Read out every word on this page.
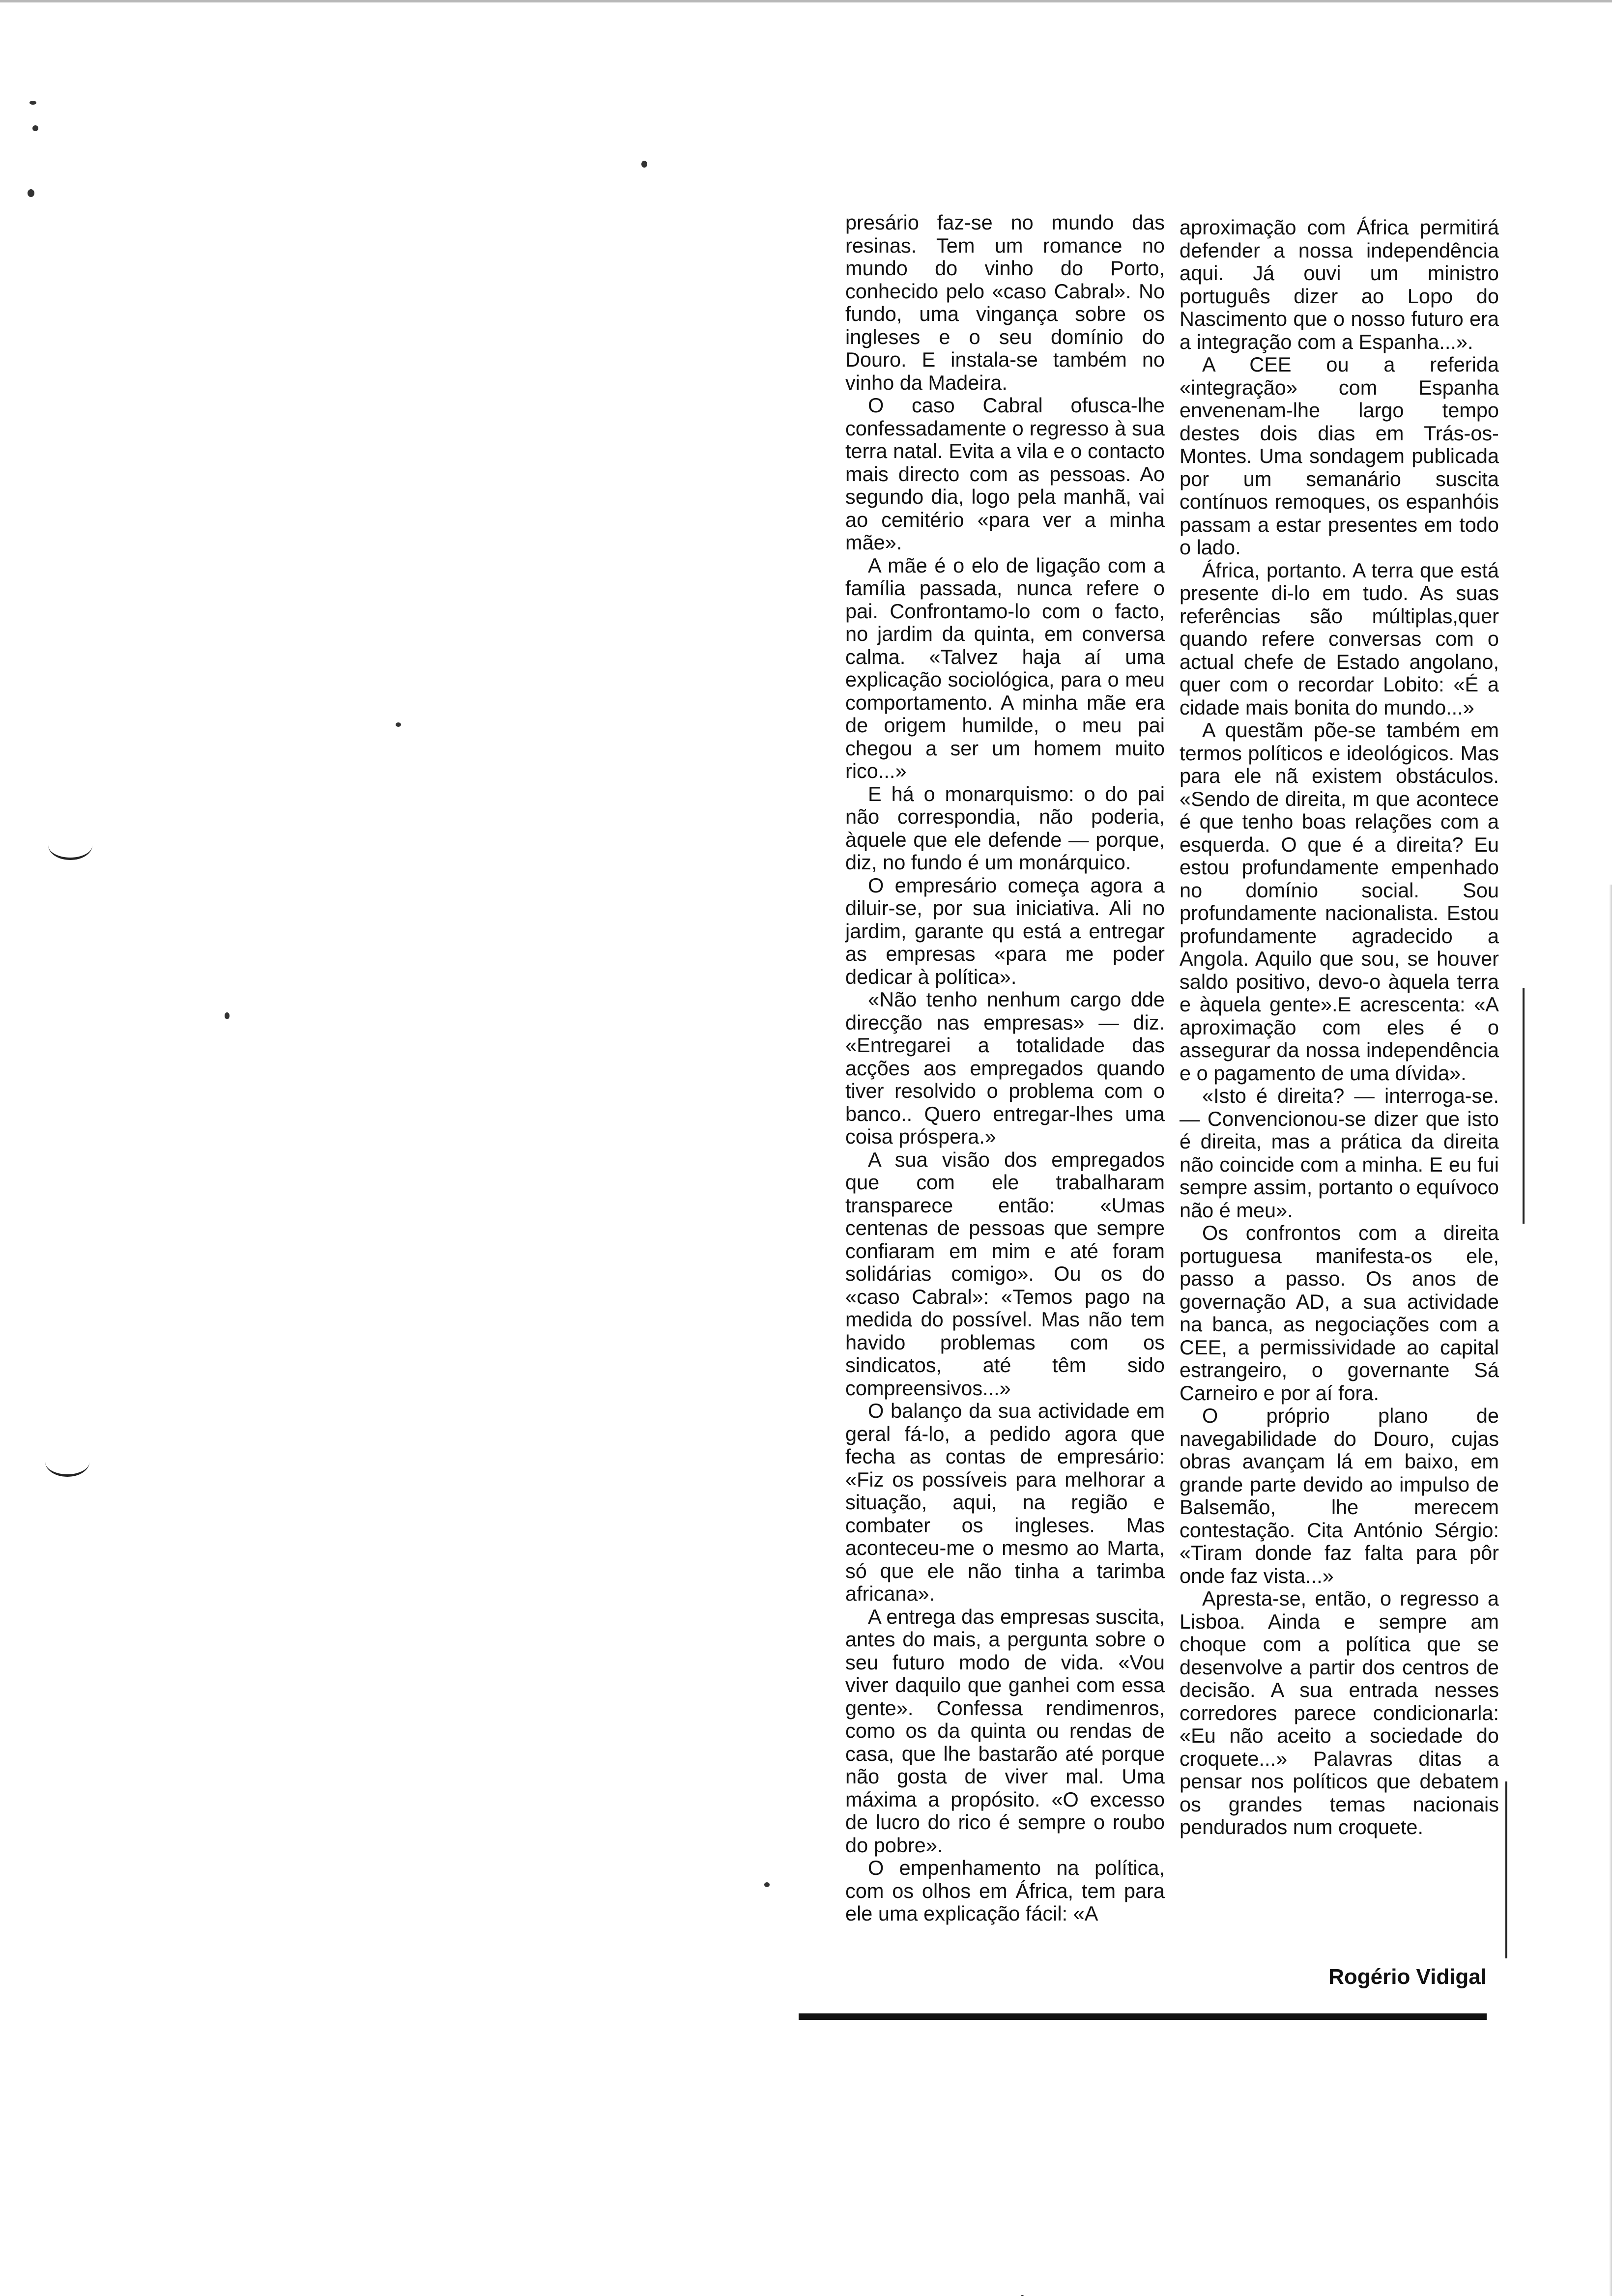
presário faz-se no mundo das resinas. Tem um romance no mundo do vinho do Porto, conhecido pelo «caso Cabral». No fundo, uma vingança sobre os ingleses e o seu domínio do Douro. E instala-se também no vinho da Madeira.

O caso Cabral ofusca-lhe confessadamente o regresso à sua terra natal. Evita a vila e o contacto mais directo com as pessoas. Ao segundo dia, logo pela manhã, vai ao cemitério «para ver a minha mãe».

A mãe é o elo de ligação com a família passada, nunca refere o pai. Confrontamo-lo com o facto, no jardim da quinta, em conversa calma. «Talvez haja aí uma explicação sociológica, para o meu comportamento. A minha mãe era de origem humilde, o meu pai chegou a ser um homem muito rico...»

E há o monarquismo: o do pai não correspondia, não poderia, àquele que ele defende — porque, diz, no fundo é um monárquico.

O empresário começa agora a diluir-se, por sua iniciativa. Ali no jardim, garante qu está a entregar as empresas «para me poder dedicar à política».

«Não tenho nenhum cargo dde direcção nas empresas» — diz. «Entregarei a totalidade das acções aos empregados quando tiver resolvido o problema com o banco.. Quero entregar-lhes uma coisa próspera.»

A sua visão dos empregados que com ele trabalharam transparece então: «Umas centenas de pessoas que sempre confiaram em mim e até foram solidárias comigo». Ou os do «caso Cabral»: «Temos pago na medida do possível. Mas não tem havido problemas com os sindicatos, até têm sido compreensivos...»

O balanço da sua actividade em geral fá-lo, a pedido agora que fecha as contas de empresário: «Fiz os possíveis para melhorar a situação, aqui, na região e combater os ingleses. Mas aconteceu-me o mesmo ao Marta, só que ele não tinha a tarimba africana».

A entrega das empresas suscita, antes do mais, a pergunta sobre o seu futuro modo de vida. «Vou viver daquilo que ganhei com essa gente». Confessa rendimenros, como os da quinta ou rendas de casa, que lhe bastarão até porque não gosta de viver mal. Uma máxima a propósito. «O excesso de lucro do rico é sempre o roubo do pobre».

O empenhamento na política, com os olhos em África, tem para ele uma explicação fácil: «A

aproximação com África permitirá defender a nossa independência aqui. Já ouvi um ministro português dizer ao Lopo do Nascimento que o nosso futuro era a integração com a Espanha...».

A CEE ou a referida «integração» com Espanha envenenam-lhe largo tempo destes dois dias em Trás-os-Montes. Uma sondagem publicada por um semanário suscita contínuos remoques, os espanhóis passam a estar presentes em todo o lado.

África, portanto. A terra que está presente di-lo em tudo. As suas referências são múltiplas,quer quando refere conversas com o actual chefe de Estado angolano, quer com o recordar Lobito: «É a cidade mais bonita do mundo...»

A questãm põe-se também em termos políticos e ideológicos. Mas para ele nã existem obstáculos. «Sendo de direita, m que acontece é que tenho boas relações com a esquerda. O que é a direita? Eu estou profundamente empenhado no domínio social. Sou profundamente nacionalista. Estou profundamente agradecido a Angola. Aquilo que sou, se houver saldo positivo, devo-o àquela terra e àquela gente».E acrescenta: «A aproximação com eles é o assegurar da nossa independência e o pagamento de uma dívida».

«Isto é direita? — interroga-se. — Convencionou-se dizer que isto é direita, mas a prática da direita não coincide com a minha. E eu fui sempre assim, portanto o equívoco não é meu».

Os confrontos com a direita portuguesa manifesta-os ele, passo a passo. Os anos de governação AD, a sua actividade na banca, as negociações com a CEE, a permissividade ao capital estrangeiro, o governante Sá Carneiro e por aí fora.

O próprio plano de navegabilidade do Douro, cujas obras avançam lá em baixo, em grande parte devido ao impulso de Balsemão, lhe merecem contestação. Cita António Sérgio: «Tiram donde faz falta para pôr onde faz vista...»

Apresta-se, então, o regresso a Lisboa. Ainda e sempre am choque com a política que se desenvolve a partir dos centros de decisão. A sua entrada nesses corredores parece condicionarla: «Eu não aceito a sociedade do croquete...» Palavras ditas a pensar nos políticos que debatem os grandes temas nacionais pendurados num croquete.

Rogério Vidigal
